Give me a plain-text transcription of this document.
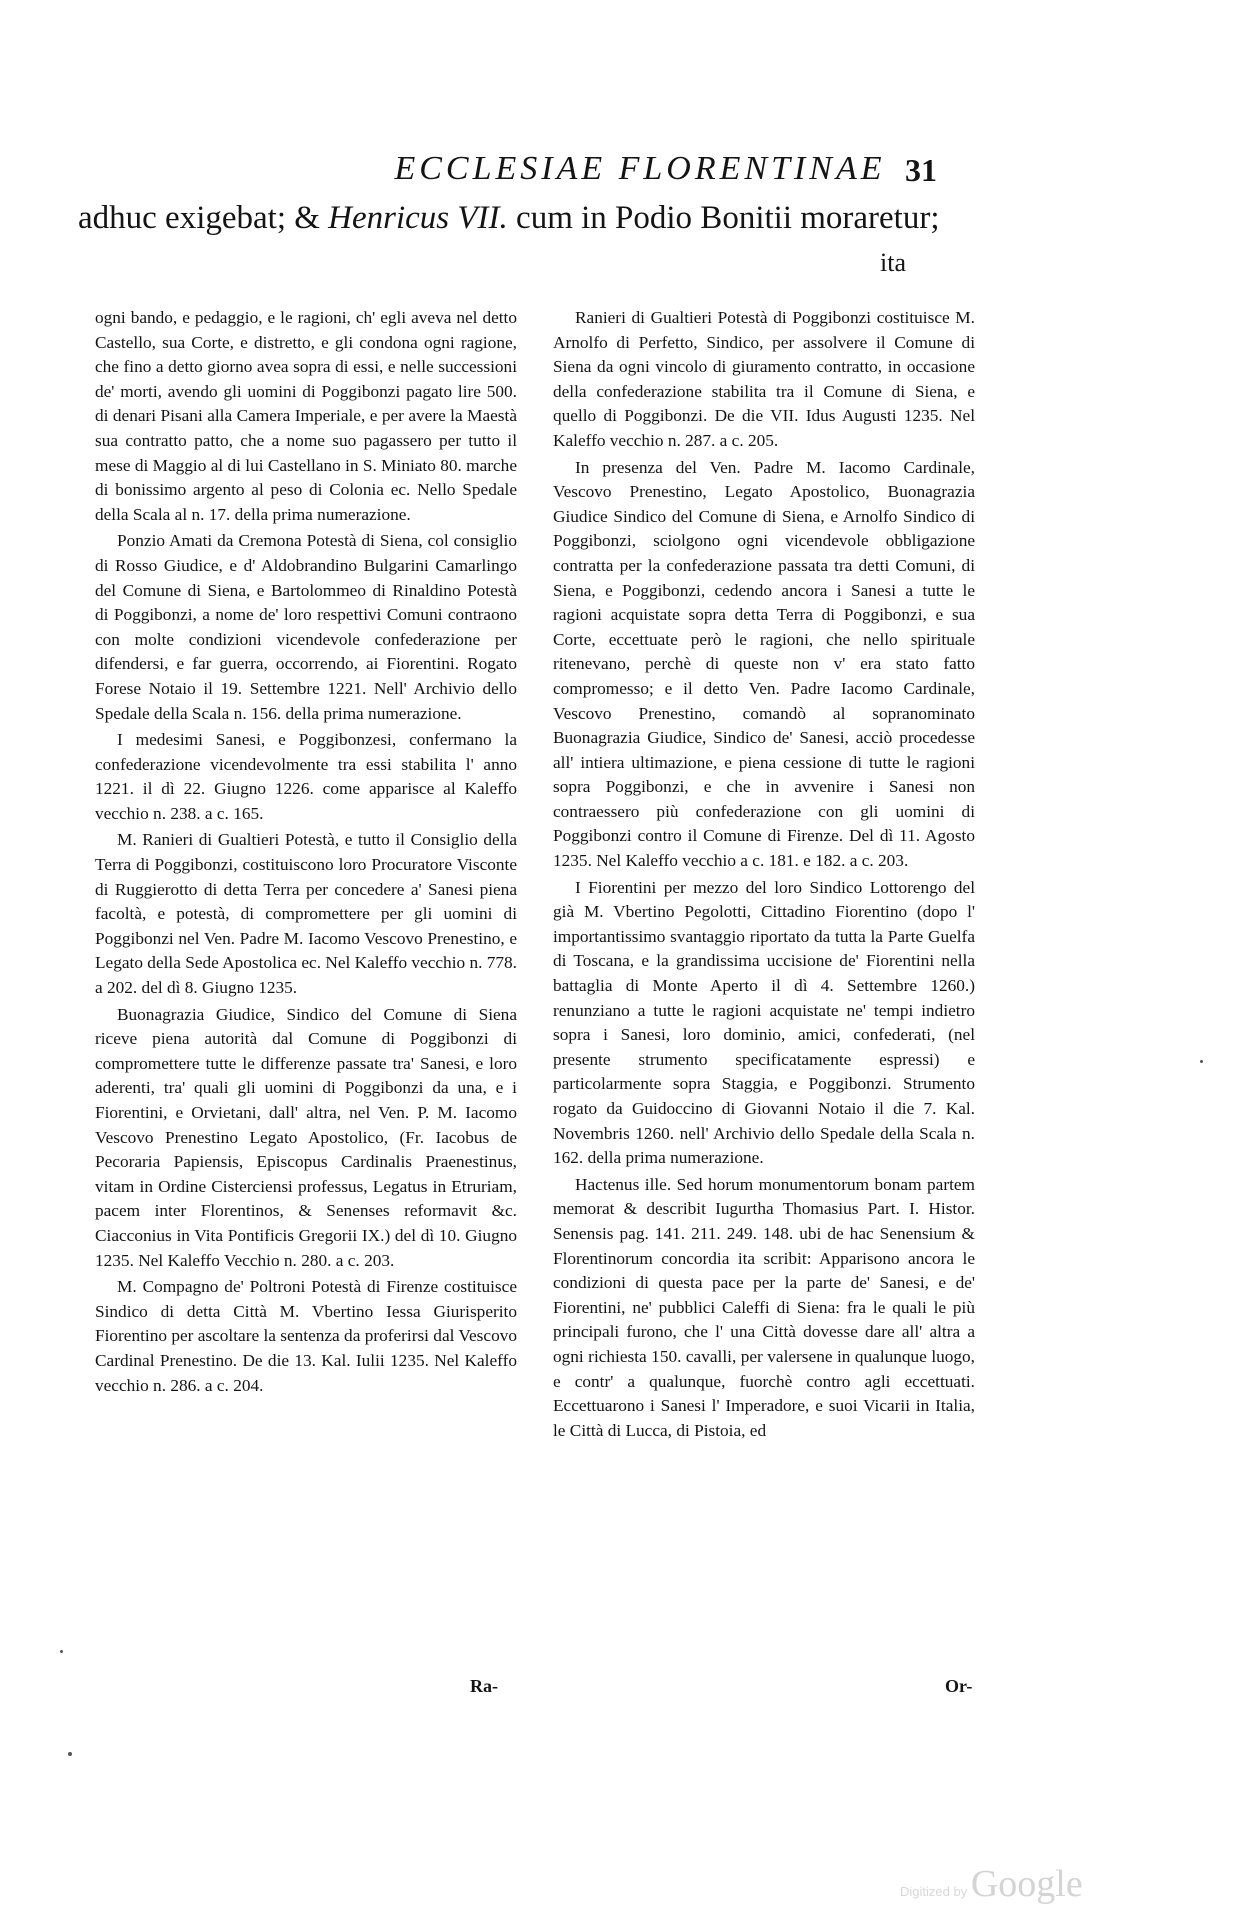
ECCLESIAE FLORENTINAE 31
adhuc exigebat; & Henricus VII. cum in Podio Bonitii moraretur;
ita

ogni bando, e pedaggio, e le ragioni, ch' egli aveva nel detto Castello, sua Corte, e distretto, e gli condona ogni ragione, che fino a detto giorno avea sopra di essi, e nelle successioni de' morti, avendo gli uomini di Poggibonzi pagato lire 500. di denari Pisani alla Camera Imperiale, e per avere la Maestà sua contratto patto, che a nome suo pagassero per tutto il mese di Maggio al di lui Castellano in S. Miniato 80. marche di bonissimo argento al peso di Colonia ec. Nello Spedale della Scala al n. 17. della prima numerazione.

Ponzio Amati da Cremona Potestà di Siena, col consiglio di Rosso Giudice, e d' Aldobrandino Bulgarini Camarlingo del Comune di Siena, e Bartolommeo di Rinaldino Potestà di Poggibonzi, a nome de' loro respettivi Comuni contraono con molte condizioni vicendevole confederazione per difendersi, e far guerra, occorrendo, ai Fiorentini. Rogato Forese Notaio il 19. Settembre 1221. Nell' Archivio dello Spedale della Scala n. 156. della prima numerazione.

I medesimi Sanesi, e Poggibonzesi, confermano la confederazione vicendevolmente tra essi stabilita l' anno 1221. il dì 22. Giugno 1226. come apparisce al Kaleffo vecchio n. 238. a c. 165.

M. Ranieri di Gualtieri Potestà, e tutto il Consiglio della Terra di Poggibonzi, costituiscono loro Procuratore Visconte di Ruggierotto di detta Terra per concedere a' Sanesi piena facoltà, e potestà, di compromettere per gli uomini di Poggibonzi nel Ven. Padre M. Iacomo Vescovo Prenestino, e Legato della Sede Apostolica ec. Nel Kaleffo vecchio n. 778. a 202. del dì 8. Giugno 1235.

Buonagrazia Giudice, Sindico del Comune di Siena riceve piena autorità dal Comune di Poggibonzi di compromettere tutte le differenze passate tra' Sanesi, e loro aderenti, tra' quali gli uomini di Poggibonzi da una, e i Fiorentini, e Orvietani, dall' altra, nel Ven. P. M. Iacomo Vescovo Prenestino Legato Apostolico, (Fr. Iacobus de Pecoraria Papiensis, Episcopus Cardinalis Praenestinus, vitam in Ordine Cisterciensi professus, Legatus in Etruriam, pacem inter Florentinos, & Senenses reformavit &c. Ciacconius in Vita Pontificis Gregorii IX.) del dì 10. Giugno 1235. Nel Kaleffo Vecchio n. 280. a c. 203.

M. Compagno de' Poltroni Potestà di Firenze costituisce Sindico di detta Città M. Vbertino Iessa Giurisperito Fiorentino per ascoltare la sentenza da proferirsi dal Vescovo Cardinal Prenestino. De die 13. Kal. Iulii 1235. Nel Kaleffo vecchio n. 286. a c. 204.

Ranieri di Gualtieri Potestà di Poggibonzi costituisce M. Arnolfo di Perfetto, Sindico, per assolvere il Comune di Siena da ogni vincolo di giuramento contratto, in occasione della confederazione stabilita tra il Comune di Siena, e quello di Poggibonzi. De die VII. Idus Augusti 1235. Nel Kaleffo vecchio n. 287. a c. 205.

In presenza del Ven. Padre M. Iacomo Cardinale, Vescovo Prenestino, Legato Apostolico, Buonagrazia Giudice Sindico del Comune di Siena, e Arnolfo Sindico di Poggibonzi, sciolgono ogni vicendevole obbligazione contratta per la confederazione passata tra detti Comuni, di Siena, e Poggibonzi, cedendo ancora i Sanesi a tutte le ragioni acquistate sopra detta Terra di Poggibonzi, e sua Corte, eccettuate però le ragioni, che nello spirituale ritenevano, perchè di queste non v' era stato fatto compromesso; e il detto Ven. Padre Iacomo Cardinale, Vescovo Prenestino, comandò al sopranominato Buonagrazia Giudice, Sindico de' Sanesi, acciò procedesse all' intiera ultimazione, e piena cessione di tutte le ragioni sopra Poggibonzi, e che in avvenire i Sanesi non contraessero più confederazione con gli uomini di Poggibonzi contro il Comune di Firenze. Del dì 11. Agosto 1235. Nel Kaleffo vecchio a c. 181. e 182. a c. 203.

I Fiorentini per mezzo del loro Sindico Lottorengo del già M. Vbertino Pegolotti, Cittadino Fiorentino (dopo l' importantissimo svantaggio riportato da tutta la Parte Guelfa di Toscana, e la grandissima uccisione de' Fiorentini nella battaglia di Monte Aperto il dì 4. Settembre 1260.) renunziano a tutte le ragioni acquistate ne' tempi indietro sopra i Sanesi, loro dominio, amici, confederati, (nel presente strumento specificatamente espressi) e particolarmente sopra Staggia, e Poggibonzi. Strumento rogato da Guidoccino di Giovanni Notaio il die 7. Kal. Novembris 1260. nell' Archivio dello Spedale della Scala n. 162. della prima numerazione.

Hactenus ille. Sed horum monumentorum bonam partem memorat & describit Iugurtha Thomasius Part. I. Histor. Senensis pag. 141. 211. 249. 148. ubi de hac Senensium & Florentinorum concordia ita scribit: Apparisono ancora le condizioni di questa pace per la parte de' Sanesi, e de' Fiorentini, ne' pubblici Caleffi di Siena: fra le quali le più principali furono, che l' una Città dovesse dare all' altra a ogni richiesta 150. cavalli, per valersene in qualunque luogo, e contr' a qualunque, fuorchè contro agli eccettuati. Eccettuarono i Sanesi l' Imperadore, e suoi Vicarii in Italia, le Città di Lucca, di Pistoia, ed

Ra-	Or-
Digitized by Google
